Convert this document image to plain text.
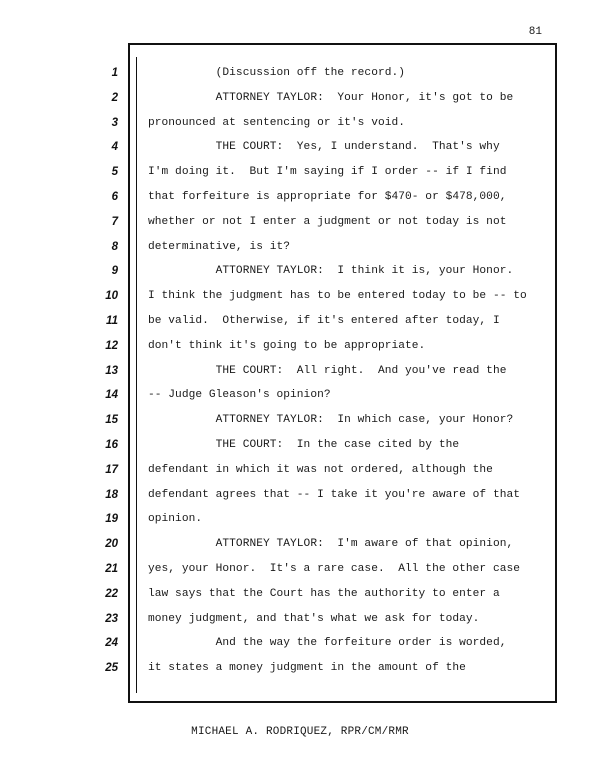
81
1
2
3
4
5
6
7
8
9
10
11
12
13
14
15
16
17
18
19
20
21
22
23
24
25
(Discussion off the record.)
ATTORNEY TAYLOR:  Your Honor, it's got to be
pronounced at sentencing or it's void.
THE COURT:  Yes, I understand.  That's why
I'm doing it.  But I'm saying if I order -- if I find
that forfeiture is appropriate for $470- or $478,000,
whether or not I enter a judgment or not today is not
determinative, is it?
ATTORNEY TAYLOR:  I think it is, your Honor.
I think the judgment has to be entered today to be -- to
be valid.  Otherwise, if it's entered after today, I
don't think it's going to be appropriate.
THE COURT:  All right.  And you've read the
-- Judge Gleason's opinion?
ATTORNEY TAYLOR:  In which case, your Honor?
THE COURT:  In the case cited by the
defendant in which it was not ordered, although the
defendant agrees that -- I take it you're aware of that
opinion.
ATTORNEY TAYLOR:  I'm aware of that opinion,
yes, your Honor.  It's a rare case.  All the other case
law says that the Court has the authority to enter a
money judgment, and that's what we ask for today.
And the way the forfeiture order is worded,
it states a money judgment in the amount of the
MICHAEL A. RODRIQUEZ, RPR/CM/RMR
